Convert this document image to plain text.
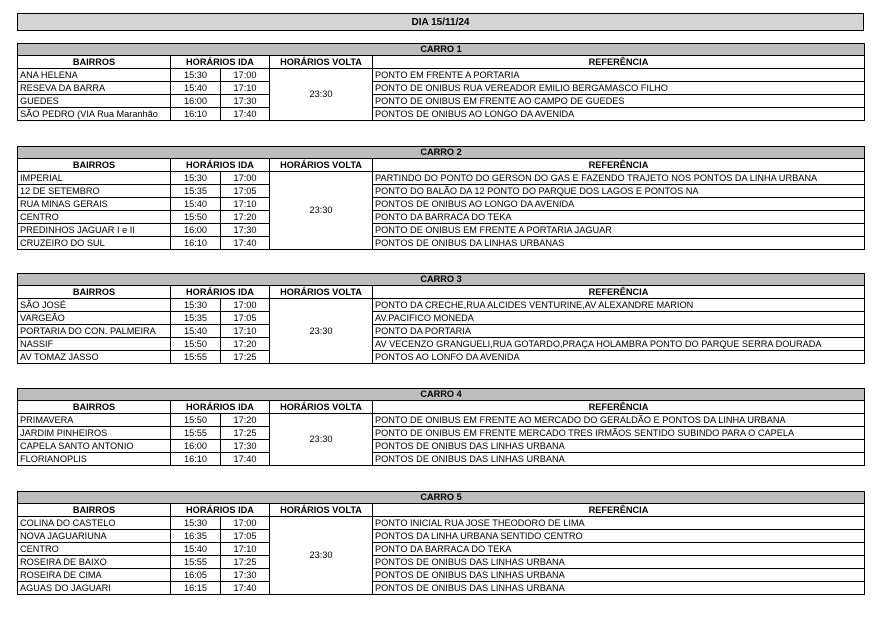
DIA 15/11/24
CARRO 1				
BAIRROS	HORÁRIOS IDA		HORÁRIOS VOLTA	REFERÊNCIA
ANA HELENA	15:30	17:00	23:30	PONTO EM FRENTE A PORTARIA
RESEVA DA BARRA	15:40	17:10		PONTO DE ONIBUS RUA VEREADOR EMILIO BERGAMASCO FILHO
GUEDES	16:00	17:30		PONTO DE ONIBUS EM FRENTE AO CAMPO DE GUEDES
SÃO PEDRO (VIA Rua Maranhão	16:10	17:40		PONTOS DE ONIBUS AO LONGO DA AVENIDA
CARRO 2				
BAIRROS	HORÁRIOS IDA		HORÁRIOS VOLTA	REFERÊNCIA
IMPERIAL	15:30	17:00	23:30	PARTINDO DO PONTO DO GERSON DO GAS E FAZENDO TRAJETO NOS PONTOS DA LINHA URBANA
12 DE SETEMBRO	15:35	17:05		PONTO DO BALÃO DA 12 PONTO DO PARQUE DOS LAGOS E PONTOS NA
RUA MINAS GERAIS	15:40	17:10		PONTOS DE ONIBUS AO LONGO DA AVENIDA
CENTRO	15:50	17:20		PONTO DA BARRACA DO TEKA
PREDINHOS JAGUAR I e II	16:00	17:30		PONTO DE ONIBUS EM FRENTE A PORTARIA JAGUAR
CRUZEIRO DO SUL	16:10	17:40		PONTOS DE ONIBUS DA LINHAS URBANAS
CARRO 3				
BAIRROS	HORÁRIOS IDA		HORÁRIOS VOLTA	REFERÊNCIA
SÃO JOSÉ	15:30	17:00	23:30	PONTO DA CRECHE,RUA ALCIDES VENTURINE,AV ALEXANDRE MARION
VARGEÃO	15:35	17:05		AV.PACIFICO MONEDA
PORTARIA DO CON. PALMEIRA	15:40	17:10		PONTO DA PORTARIA
NASSIF	15:50	17:20		AV VECENZO GRANGUELI,RUA GOTARDO,PRAÇA HOLAMBRA PONTO DO PARQUE SERRA DOURADA
AV TOMAZ JASSO	15:55	17:25		PONTOS AO LONFO DA AVENIDA
CARRO 4				
BAIRROS	HORÁRIOS IDA		HORÁRIOS VOLTA	REFERÊNCIA
PRIMAVERA	15:50	17:20	23:30	PONTO DE ONIBUS EM FRENTE AO MERCADO DO GERALDÃO E PONTOS DA LINHA URBANA
JARDIM PINHEIROS	15:55	17:25		PONTO DE ONIBUS EM FRENTE MERCADO TRES IRMÃOS SENTIDO SUBINDO PARA O CAPELA
CAPELA SANTO ANTONIO	16:00	17:30		PONTOS DE ONIBUS DAS LINHAS URBANA
FLORIANOPLIS	16:10	17:40		PONTOS DE ONIBUS DAS LINHAS URBANA
CARRO 5				
BAIRROS	HORÁRIOS IDA		HORÁRIOS VOLTA	REFERÊNCIA
COLINA DO CASTELO	15:30	17:00	23:30	PONTO INICIAL RUA JOSE THEODORO DE LIMA
NOVA JAGUARIUNA	16:35	17:05		PONTOS DA LINHA URBANA SENTIDO CENTRO
CENTRO	15:40	17:10		PONTO DA BARRACA DO TEKA
ROSEIRA DE BAIXO	15:55	17:25		PONTOS DE ONIBUS DAS LINHAS URBANA
ROSEIRA DE CIMA	16:05	17:30		PONTOS DE ONIBUS DAS LINHAS URBANA
AGUAS DO JAGUARI	16:15	17:40		PONTOS DE ONIBUS DAS LINHAS URBANA
